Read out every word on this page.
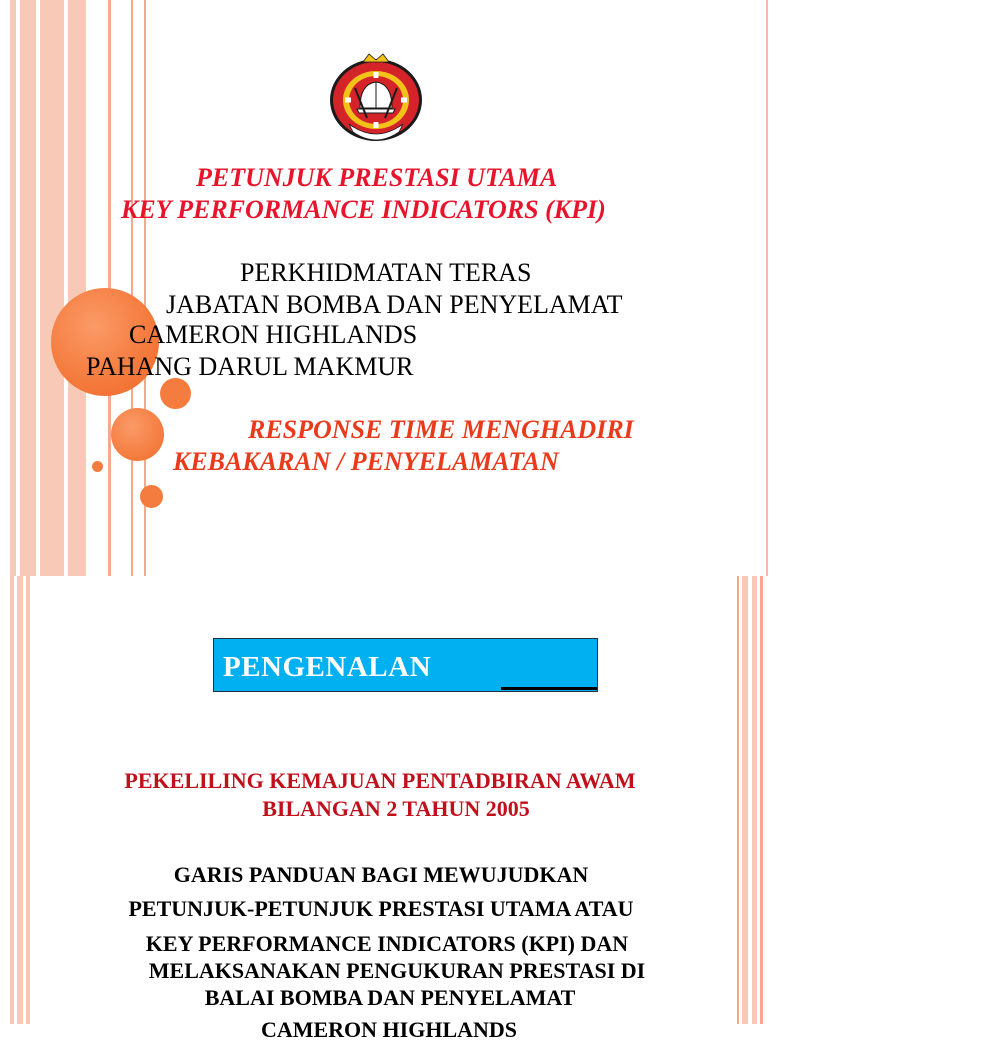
PETUNJUK PRESTASI UTAMA
KEY PERFORMANCE INDICATORS (KPI)
PERKHIDMATAN TERAS
JABATAN BOMBA DAN PENYELAMAT
CAMERON HIGHLANDS
PAHANG DARUL MAKMUR
RESPONSE TIME MENGHADIRI
KEBAKARAN / PENYELAMATAN
PENGENALAN
PEKELILING KEMAJUAN PENTADBIRAN AWAM
BILANGAN 2 TAHUN 2005
GARIS PANDUAN BAGI MEWUJUDKAN
PETUNJUK-PETUNJUK PRESTASI UTAMA ATAU
KEY PERFORMANCE INDICATORS (KPI) DAN
MELAKSANAKAN PENGUKURAN PRESTASI DI
BALAI BOMBA DAN PENYELAMAT
CAMERON HIGHLANDS
